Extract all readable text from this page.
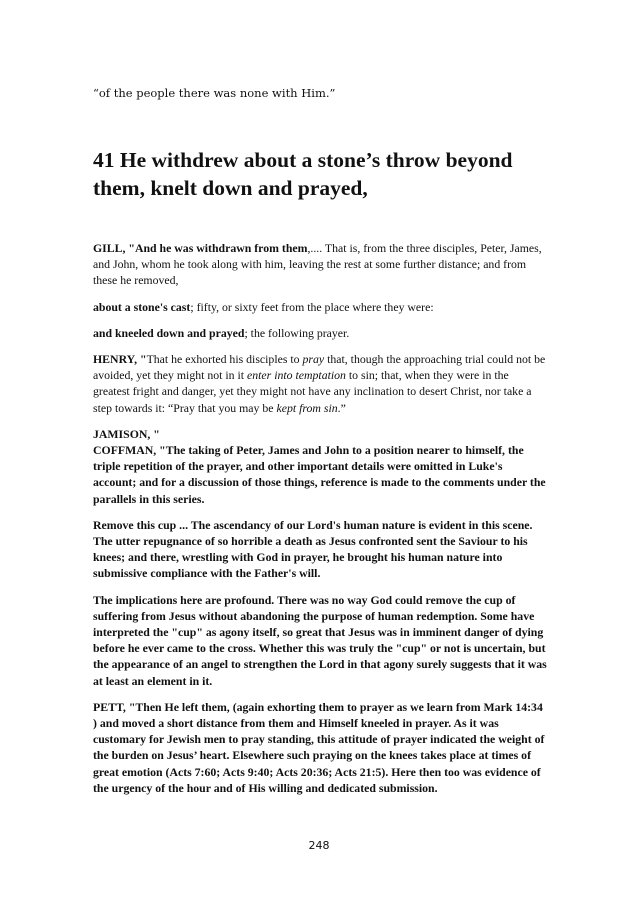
“of the people there was none with Him.”
41 He withdrew about a stone’s throw beyond them, knelt down and prayed,

GILL, "And he was withdrawn from them,.... That is, from the three disciples, Peter, James, and John, whom he took along with him, leaving the rest at some further distance; and from these he removed,

about a stone's cast; fifty, or sixty feet from the place where they were:

and kneeled down and prayed; the following prayer.

HENRY, "That he exhorted his disciples to pray that, though the approaching trial could not be avoided, yet they might not in it enter into temptation to sin; that, when they were in the greatest fright and danger, yet they might not have any inclination to desert Christ, nor take a step towards it: “Pray that you may be kept from sin.”

JAMISON, "

COFFMAN, "The taking of Peter, James and John to a position nearer to himself, the triple repetition of the prayer, and other important details were omitted in Luke's account; and for a discussion of those things, reference is made to the comments under the parallels in this series.

Remove this cup ... The ascendancy of our Lord's human nature is evident in this scene. The utter repugnance of so horrible a death as Jesus confronted sent the Saviour to his knees; and there, wrestling with God in prayer, he brought his human nature into submissive compliance with the Father's will.

The implications here are profound. There was no way God could remove the cup of suffering from Jesus without abandoning the purpose of human redemption. Some have interpreted the "cup" as agony itself, so great that Jesus was in imminent danger of dying before he ever came to the cross. Whether this was truly the "cup" or not is uncertain, but the appearance of an angel to strengthen the Lord in that agony surely suggests that it was at least an element in it.

PETT, "Then He left them, (again exhorting them to prayer as we learn from Mark 14:34 ) and moved a short distance from them and Himself kneeled in prayer. As it was customary for Jewish men to pray standing, this attitude of prayer indicated the weight of the burden on Jesus’ heart. Elsewhere such praying on the knees takes place at times of great emotion (Acts 7:60; Acts 9:40; Acts 20:36; Acts 21:5). Here then too was evidence of the urgency of the hour and of His willing and dedicated submission.

248
